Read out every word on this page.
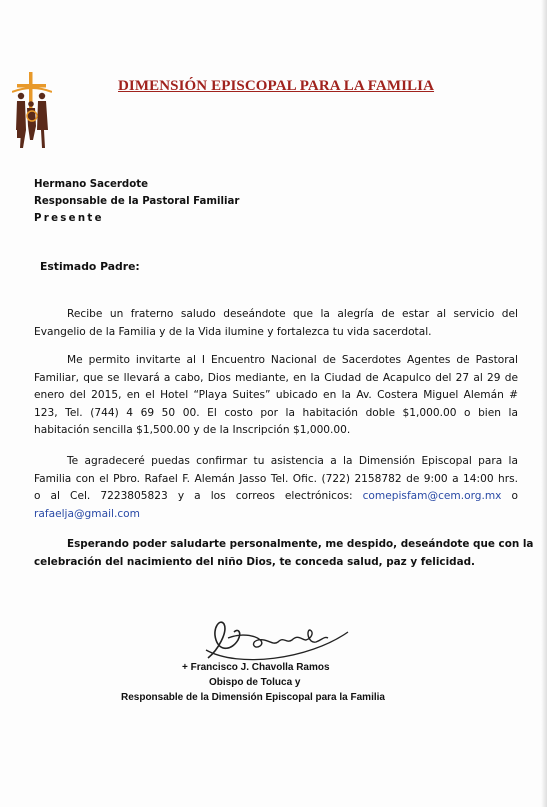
DIMENSIÓN EPISCOPAL PARA LA FAMILIA
Hermano Sacerdote
Responsable de la Pastoral Familiar
Presente
Estimado Padre:
Recibe un fraterno saludo deseándote que la alegría de estar al servicio del
Evangelio de la Familia y de la Vida ilumine y fortalezca tu vida sacerdotal.
Me permito invitarte al I Encuentro Nacional de Sacerdotes Agentes de Pastoral
Familiar, que se llevará a cabo, Dios mediante, en la Ciudad de Acapulco del 27 al 29 de
enero del 2015, en el Hotel “Playa Suites” ubicado en la Av. Costera Miguel Alemán #
123, Tel. (744) 4 69 50 00. El costo por la habitación doble $1,000.00 o bien la
habitación sencilla $1,500.00 y de la Inscripción $1,000.00.
Te agradeceré puedas confirmar tu asistencia a la Dimensión Episcopal para la
Familia con el Pbro. Rafael F. Alemán Jasso Tel. Ofic. (722) 2158782 de 9:00 a 14:00 hrs.
o al Cel. 7223805823 y a los correos electrónicos: comepisfam@cem.org.mx o
rafaelja@gmail.com
Esperando poder saludarte personalmente, me despido, deseándote que con la
celebración del nacimiento del niño Dios, te conceda salud, paz y felicidad.
+ Francisco J. Chavolla Ramos
Obispo de Toluca y
Responsable de la Dimensión Episcopal para la Familia
